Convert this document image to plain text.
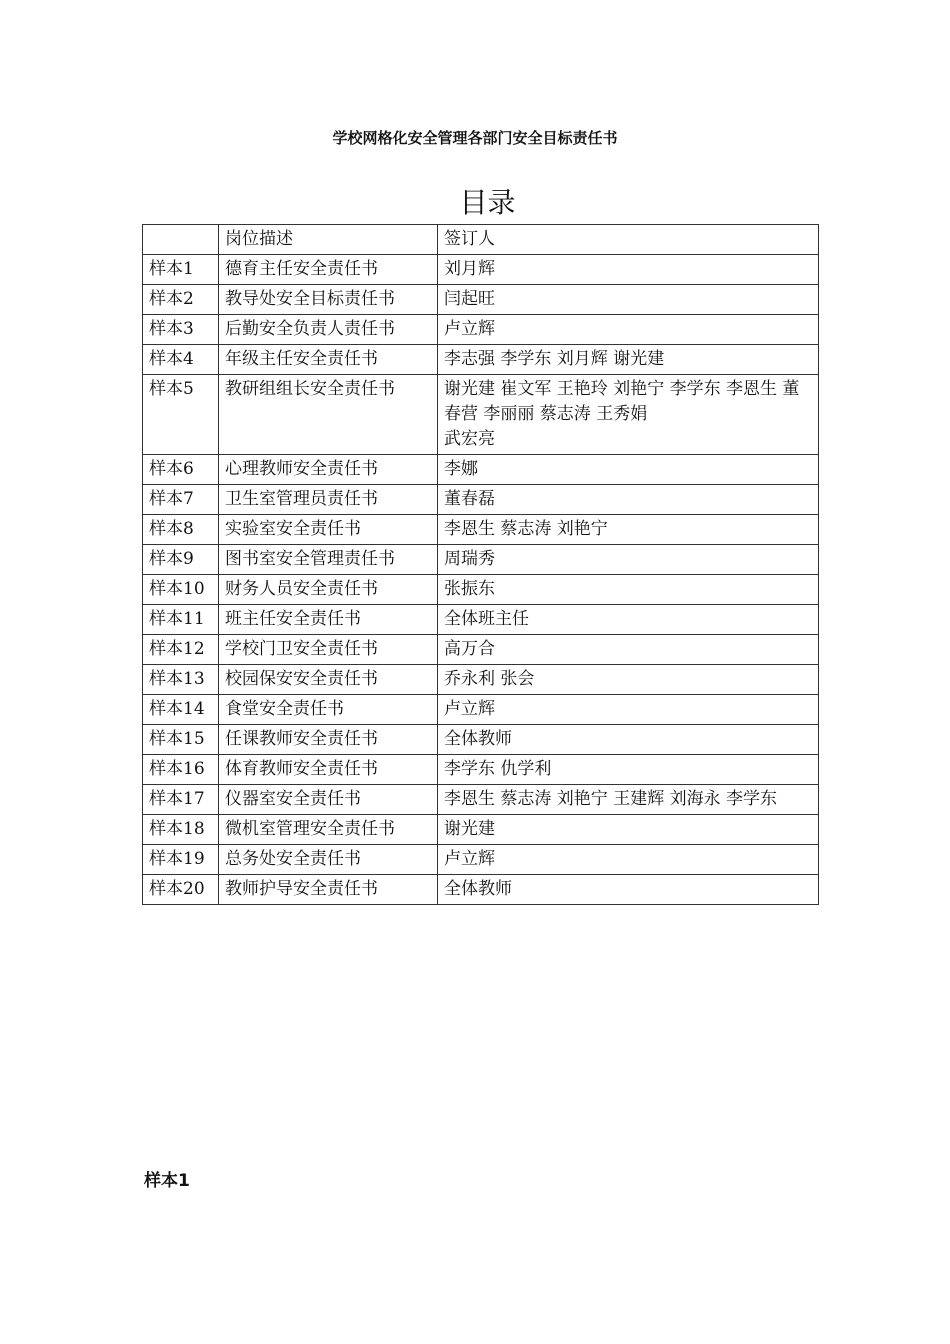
学校网格化安全管理各部门安全目标责任书
目录
	岗位描述	签订人
样本1	德育主任安全责任书	刘月辉
样本2	教导处安全目标责任书	闫起旺
样本3	后勤安全负责人责任书	卢立辉
样本4	年级主任安全责任书	李志强 李学东 刘月辉 谢光建
样本5	教研组组长安全责任书	谢光建 崔文军 王艳玲 刘艳宁 李学东 李恩生 董春营 李丽丽 蔡志涛 王秀娟
武宏亮
样本6	心理教师安全责任书	李娜
样本7	卫生室管理员责任书	董春磊
样本8	实验室安全责任书	李恩生 蔡志涛 刘艳宁
样本9	图书室安全管理责任书	周瑞秀
样本10	财务人员安全责任书	张振东
样本11	班主任安全责任书	全体班主任
样本12	学校门卫安全责任书	高万合
样本13	校园保安安全责任书	乔永利 张会
样本14	食堂安全责任书	卢立辉
样本15	任课教师安全责任书	全体教师
样本16	体育教师安全责任书	李学东 仇学利
样本17	仪器室安全责任书	李恩生 蔡志涛 刘艳宁 王建辉 刘海永 李学东
样本18	微机室管理安全责任书	谢光建
样本19	总务处安全责任书	卢立辉
样本20	教师护导安全责任书	全体教师
样本1
